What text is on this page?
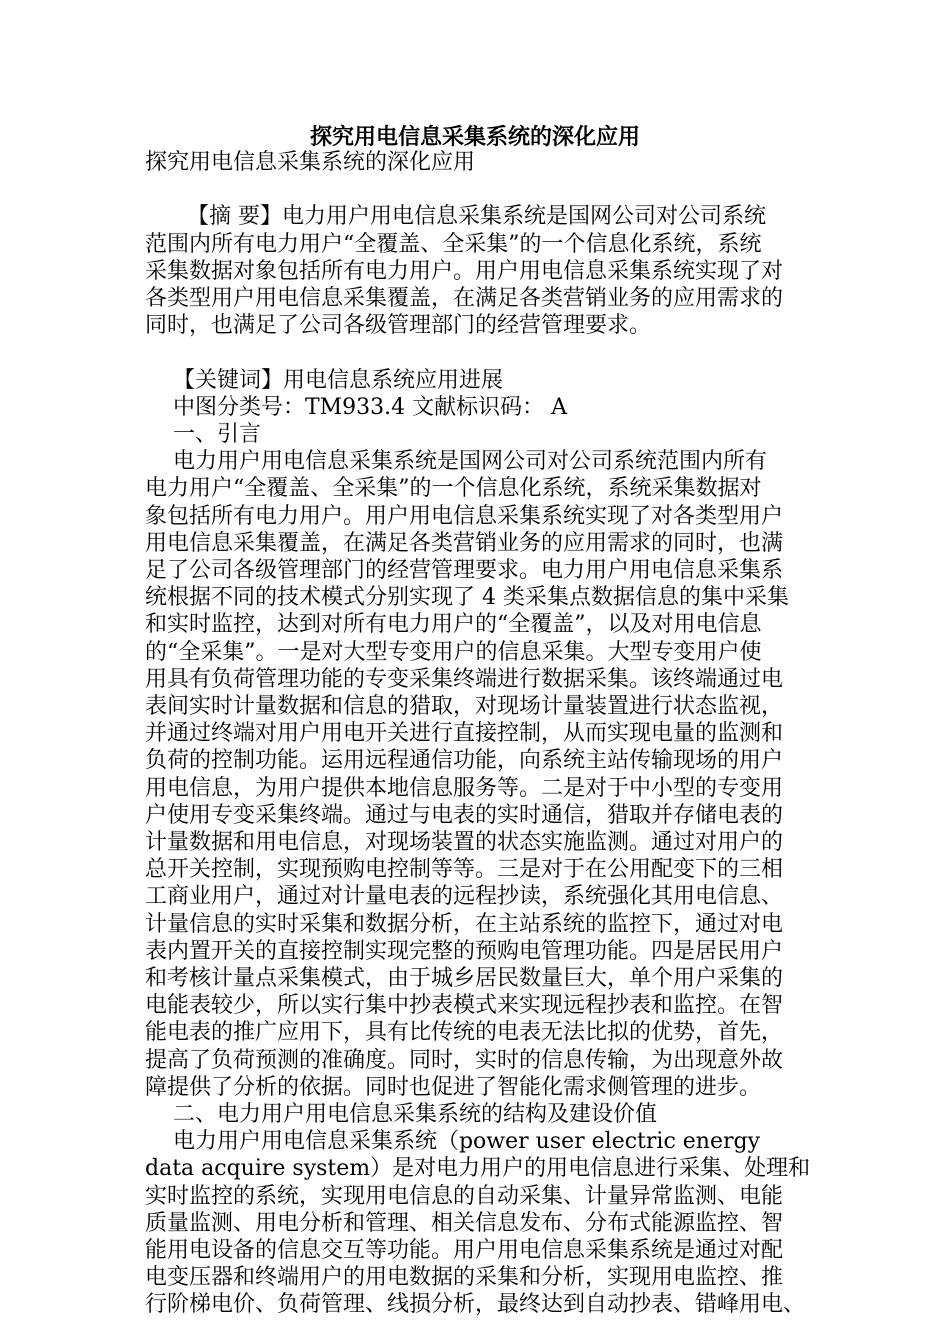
探究用电信息采集系统的深化应用

探究用电信息采集系统的深化应用

【摘 要】电力用户用电信息采集系统是国网公司对公司系统

范围内所有电力用户“全覆盖、全采集”的一个信息化系统，系统

采集数据对象包括所有电力用户。用户用电信息采集系统实现了对

各类型用户用电信息采集覆盖，在满足各类营销业务的应用需求的

同时，也满足了公司各级管理部门的经营管理要求。

【关键词】用电信息系统应用进展

中图分类号：TM933.4 文献标识码： A

一、引言

电力用户用电信息采集系统是国网公司对公司系统范围内所有

电力用户“全覆盖、全采集”的一个信息化系统，系统采集数据对

象包括所有电力用户。用户用电信息采集系统实现了对各类型用户

用电信息采集覆盖，在满足各类营销业务的应用需求的同时，也满

足了公司各级管理部门的经营管理要求。电力用户用电信息采集系

统根据不同的技术模式分别实现了 4 类采集点数据信息的集中采集

和实时监控，达到对所有电力用户的“全覆盖”，以及对用电信息

的“全采集”。一是对大型专变用户的信息采集。大型专变用户使

用具有负荷管理功能的专变采集终端进行数据采集。该终端通过电

表间实时计量数据和信息的猎取，对现场计量装置进行状态监视，

并通过终端对用户用电开关进行直接控制，从而实现电量的监测和

负荷的控制功能。运用远程通信功能，向系统主站传输现场的用户

用电信息，为用户提供本地信息服务等。二是对于中小型的专变用

户使用专变采集终端。通过与电表的实时通信，猎取并存储电表的

计量数据和用电信息，对现场装置的状态实施监测。通过对用户的

总开关控制，实现预购电控制等等。三是对于在公用配变下的三相

工商业用户，通过对计量电表的远程抄读，系统强化其用电信息、

计量信息的实时采集和数据分析，在主站系统的监控下，通过对电

表内置开关的直接控制实现完整的预购电管理功能。四是居民用户

和考核计量点采集模式，由于城乡居民数量巨大，单个用户采集的

电能表较少，所以实行集中抄表模式来实现远程抄表和监控。在智

能电表的推广应用下，具有比传统的电表无法比拟的优势，首先，

提高了负荷预测的准确度。同时，实时的信息传输，为出现意外故

障提供了分析的依据。同时也促进了智能化需求侧管理的进步。

二、电力用户用电信息采集系统的结构及建设价值

电力用户用电信息采集系统（power user electric energy

data acquire system）是对电力用户的用电信息进行采集、处理和

实时监控的系统，实现用电信息的自动采集、计量异常监测、电能

质量监测、用电分析和管理、相关信息发布、分布式能源监控、智

能用电设备的信息交互等功能。用户用电信息采集系统是通过对配

电变压器和终端用户的用电数据的采集和分析，实现用电监控、推

行阶梯电价、负荷管理、线损分析，最终达到自动抄表、错峰用电、
